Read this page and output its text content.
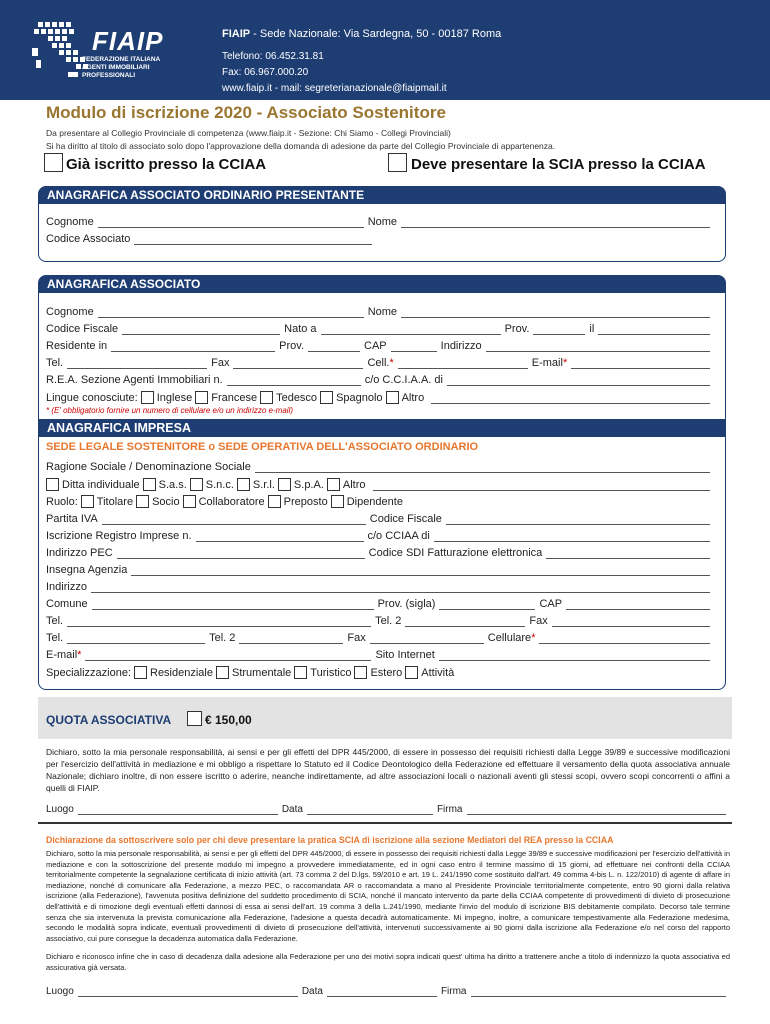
FIAIP
FEDERAZIONE ITALIANA AGENTI IMMOBILIARI PROFESSIONALI
FIAIP - Sede Nazionale: Via Sardegna, 50 - 00187 Roma
Telefono: 06.452.31.81
Fax: 06.967.000.20
www.fiaip.it - mail: segreterianazionale@fiaipmail.it
Modulo di iscrizione 2020 - Associato Sostenitore
Da presentare al Collegio Provinciale di competenza (www.fiaip.it - Sezione: Chi Siamo - Collegi Provinciali)
Si ha diritto al titolo di associato solo dopo l'approvazione della domanda di adesione da parte del Collegio Provinciale di appartenenza.
Già iscritto presso la CCIAA	Deve presentare la SCIA presso la CCIAA
ANAGRAFICA ASSOCIATO ORDINARIO PRESENTANTE
Cognome	Nome
Codice Associato
ANAGRAFICA ASSOCIATO
Cognome	Nome
Codice Fiscale	Nato a	Prov.	il
Residente in	Prov.	CAP	Indirizzo
Tel.	Fax	Cell.*	E-mail*
R.E.A. Sezione Agenti Immobiliari n.	c/o C.C.I.A.A. di
Lingue conosciute: Inglese Francese Tedesco Spagnolo Altro
* (E' obbligatorio fornire un numero di cellulare e/o un indirizzo e-mail)
ANAGRAFICA IMPRESA
SEDE LEGALE SOSTENITORE o SEDE OPERATIVA DELL'ASSOCIATO ORDINARIO
Ragione Sociale / Denominazione Sociale
Ditta individuale S.a.s. S.n.c. S.r.l. S.p.A. Altro
Ruolo: Titolare Socio Collaboratore Preposto Dipendente
Partita IVA	Codice Fiscale
Iscrizione Registro Imprese n.	c/o CCIAA di
Indirizzo PEC	Codice SDI Fatturazione elettronica
Insegna Agenzia
Indirizzo
Comune	Prov. (sigla)	CAP
Tel.	Tel. 2	Fax
Tel.	Tel. 2	Fax	Cellulare*
E-mail*	Sito Internet
Specializzazione: Residenziale Strumentale Turistico Estero Attività
QUOTA ASSOCIATIVA	€ 150,00
Dichiaro, sotto la mia personale responsabilità, ai sensi e per gli effetti del DPR 445/2000, di essere in possesso dei requisiti richiesti dalla Legge 39/89 e successive modificazioni per l'esercizio dell'attività in mediazione e mi obbligo a rispettare lo Statuto ed il Codice Deontologico della Federazione ed effettuare il versamento della quota associativa annuale Nazionale; dichiaro inoltre, di non essere iscritto o aderire, neanche indirettamente, ad altre associazioni locali o nazionali aventi gli stessi scopi, ovvero scopi concorrenti o affini a quelli di FIAIP.
Luogo	Data	Firma
Dichiarazione da sottoscrivere solo per chi deve presentare la pratica SCIA di iscrizione alla sezione Mediatori del REA presso la CCIAA
Dichiaro, sotto la mia personale responsabilità, ai sensi e per gli effetti del DPR 445/2000, di essere in possesso dei requisiti richiesti dalla Legge 39/89 e successive modificazioni per l'esercizio dell'attività in mediazione e con la sottoscrizione del presente modulo mi impegno a provvedere immediatamente, ed in ogni caso entro il termine massimo di 15 giorni, ad effettuare nei confronti della CCIAA territorialmente competente la segnalazione certificata di inizio attività (art. 73 comma 2 del D.lgs. 59/2010 e art. 19 L. 241/1990 come sostituito dall'art. 49 comma 4-bis L. n. 122/2010) di agente di affare in mediazione, nonché di comunicare alla Federazione, a mezzo PEC, o raccomandata AR o raccomandata a mano al Presidente Provinciale territorialmente competente, entro 90 giorni dalla relativa iscrizione (alla Federazione), l'avvenuta positiva definizione del suddetto procedimento di SCIA, nonché il mancato intervento da parte della CCIAA competente di provvedimenti di divieto di prosecuzione dell'attività e di rimozione degli eventuali effetti dannosi di essa ai sensi dell'art. 19 comma 3 della L.241/1990, mediante l'invio del modulo di iscrizione BIS debitamente compilato. Decorso tale termine senza che sia intervenuta la prevista comunicazione alla Federazione, l'adesione a questa decadrà automaticamente. Mi impegno, inoltre, a comunicare tempestivamente alla Federazione medesima, secondo le modalità sopra indicate, eventuali provvedimenti di divieto di prosecuzione dell'attività, intervenuti successivamente ai 90 giorni dalla iscrizione alla Federazione e/o nel corso del rapporto associativo, cui pure consegue la decadenza automatica dalla Federazione.
Dichiaro e riconosco infine che in caso di decadenza dalla adesione alla Federazione per uno dei motivi sopra indicati quest' ultima ha diritto a trattenere anche a titolo di indennizzo la quota associativa ed assicurativa già versata.
Luogo	Data	Firma
